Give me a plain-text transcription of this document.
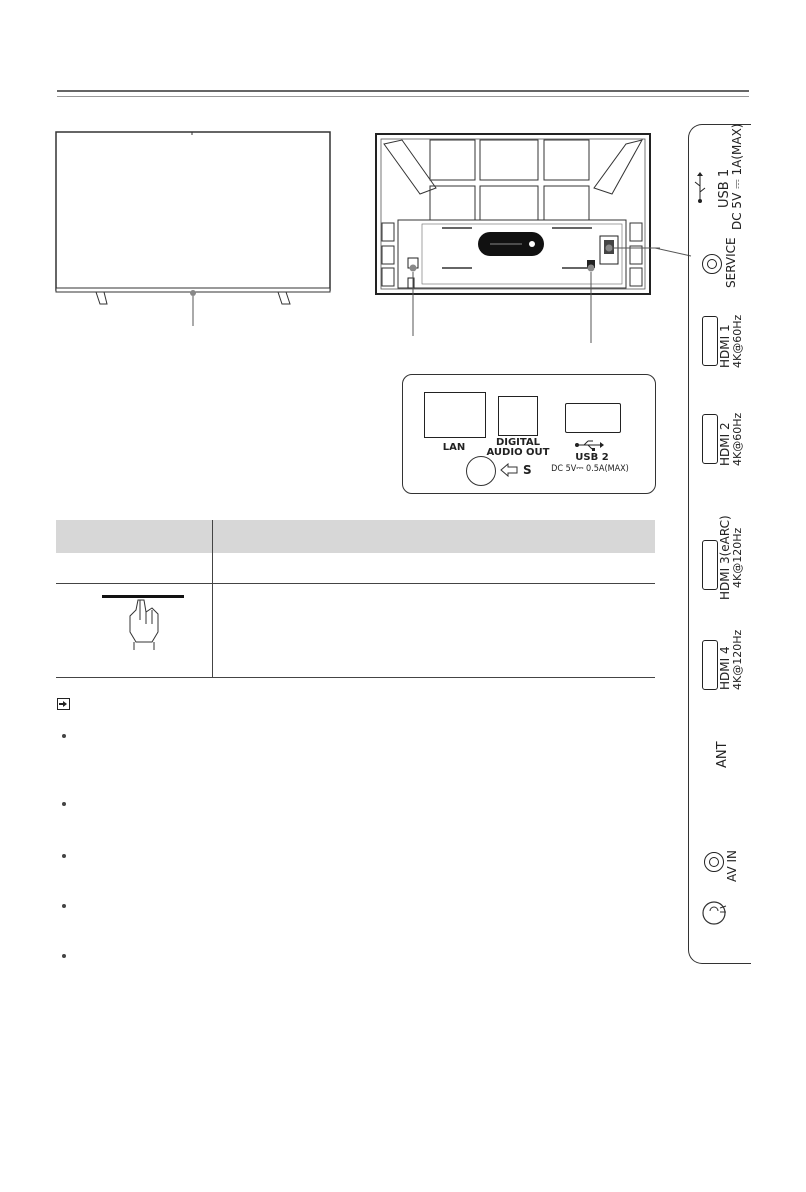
LAN	DIGITAL
AUDIO OUT	USB 2
DC 5V⎓ 0.5A(MAX)
S
USB 1
DC 5V ⎓ 1A(MAX)
SERVICE
HDMI 1 4K@60Hz
HDMI 2 4K@60Hz
HDMI 3(eARC) 4K@120Hz
HDMI 4 4K@120Hz
ANT
AV IN
